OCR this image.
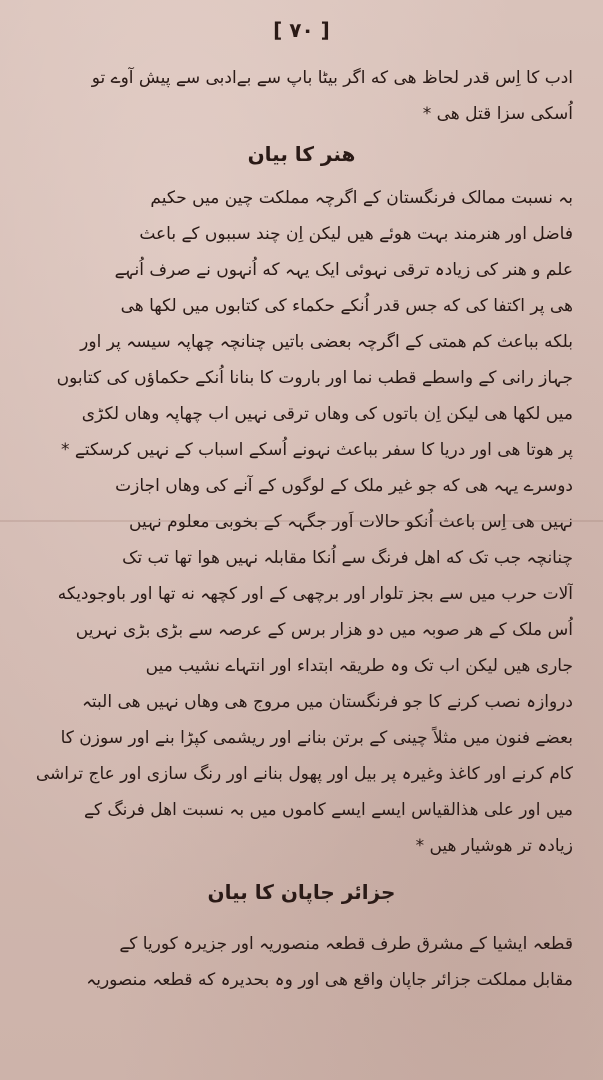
[ ٧٠ ]
ادب کا اِس قدر لحاظ هی که اگر بیٹا باپ سے بےادبی سے پیش آوے تو
اُسکی سزا قتل هی *
هنر کا بیان
بہ نسبت ممالک فرنگستان کے اگرچہ مملکت چین میں حکیم
فاضل اور هنرمند بہت هوئے هیں لیکن اِن چند سببوں کے باعث
علم و هنر کی زیادہ ترقی نہوئی ایک یہہ که اُنہوں نے صرف اُنہے
هی پر اکتفا کی که جس قدر اُنکے حکماء کی کتابوں میں لکھا هی
بلکه بباعث کم همتی کے اگرچہ بعضی باتیں چنانچہ چھاپہ سیسہ پر اور
جہاز رانی کے واسطے قطب نما اور باروت کا بنانا اُنکے حکماؤں کی کتابوں
میں لکھا هی لیکن اِن باتوں کی وهاں ترقی نہیں اب چھاپہ وهاں لکڑی
پر هوتا هی اور دریا کا سفر بباعث نہونے اُسکے اسباب کے نہیں کرسکتے *
دوسرے یہہ هی که جو غیر ملک کے لوگوں کے آنے کی وهاں اجازت
نہیں هی اِس باعث اُنکو حالات اَور جگہہ کے بخوبی معلوم نہیں
چنانچہ جب تک که اهل فرنگ سے اُنکا مقابلہ نہیں هوا تھا تب تک
آلات حرب میں سے بجز تلوار اور برچھی کے اور کچھہ نه تھا اور باوجودیکه
اُس ملک کے هر صوبہ میں دو هزار برس کے عرصہ سے بڑی بڑی نہریں
جاری هیں لیکن اب تک وہ طریقہ ابتداء اور انتہاے نشیب میں
دروازہ نصب کرنے کا جو فرنگستان میں مروج هی وهاں نہیں هی البتہ
بعضے فنون میں مثلاً چینی کے برتن بنانے اور ریشمی کپڑا بنے اور سوزن کا
کام کرنے اور کاغذ وغیرہ پر بیل اور پھول بنانے اور رنگ سازی اور عاج تراشی
میں اور علی هذالقیاس ایسے ایسے کاموں میں بہ نسبت اهل فرنگ کے
زیادہ تر هوشیار هیں *
جزائر جاپان کا بیان
قطعہ ایشیا کے مشرق طرف قطعہ منصوریہ اور جزیرہ کوریا کے
مقابل مملکت جزائر جاپان واقع هی اور وہ بحدیرہ که قطعہ منصوریہ
